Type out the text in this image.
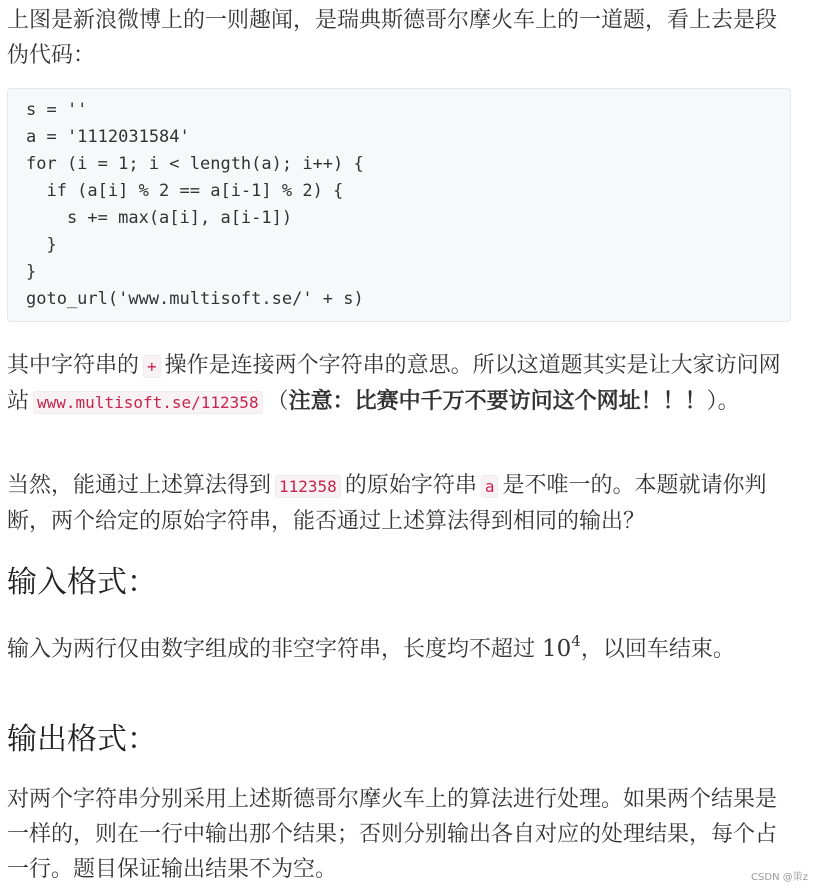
上图是新浪微博上的一则趣闻，是瑞典斯德哥尔摩火车上的一道题，看上去是段伪代码：

s = ''
a = '1112031584'
for (i = 1; i < length(a); i++) {
if (a[i] % 2 == a[i-1] % 2) {
s += max(a[i], a[i-1])
}
}
goto_url('www.multisoft.se/' + s)

其中字符串的 + 操作是连接两个字符串的意思。所以这道题其实是让大家访问网站 www.multisoft.se/112358 （注意：比赛中千万不要访问这个网址！！！）。

当然，能通过上述算法得到 112358 的原始字符串 a 是不唯一的。本题就请你判断，两个给定的原始字符串，能否通过上述算法得到相同的输出？

输入格式：

输入为两行仅由数字组成的非空字符串，长度均不超过 $10^4$，以回车结束。

输出格式：

对两个字符串分别采用上述斯德哥尔摩火车上的算法进行处理。如果两个结果是一样的，则在一行中输出那个结果；否则分别输出各自对应的处理结果，每个占一行。题目保证输出结果不为空。	CSDN @策z
